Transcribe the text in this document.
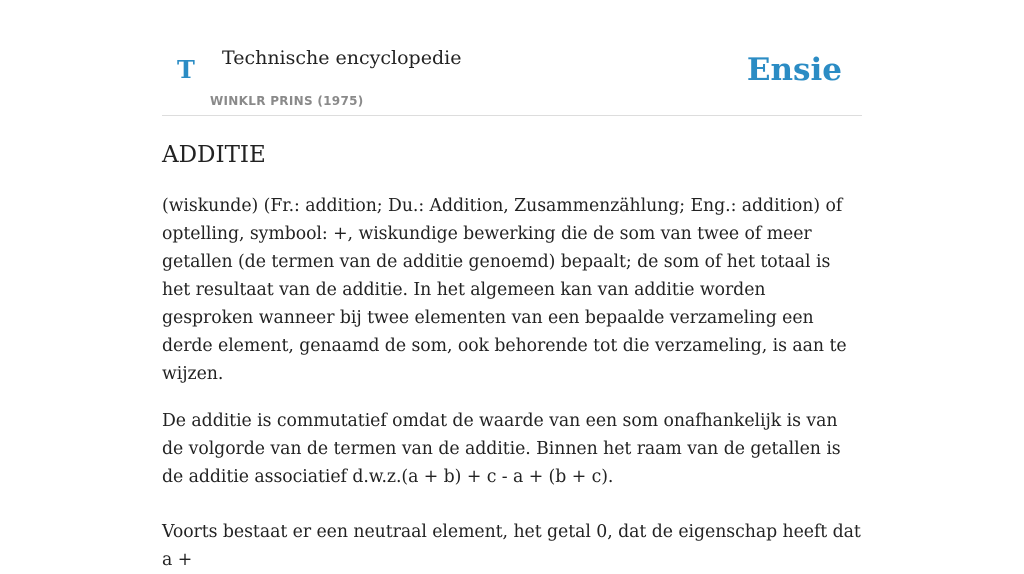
T Technische encyclopedie
WINKLR PRINS (1975)
Ensie
ADDITIE

(wiskunde) (Fr.: addition; Du.: Addition, Zusammenzählung; Eng.: addition) of optelling, symbool: +, wiskundige bewerking die de som van twee of meer getallen (de termen van de additie genoemd) bepaalt; de som of het totaal is het resultaat van de additie. In het algemeen kan van additie worden gesproken wanneer bij twee elementen van een bepaalde verzameling een derde element, genaamd de som, ook behorende tot die verzameling, is aan te wijzen.

De additie is commutatief omdat de waarde van een som onafhankelijk is van de volgorde van de termen van de additie. Binnen het raam van de getallen is de additie associatief d.w.z.(a + b) + c - a + (b + c).

Voorts bestaat er een neutraal element, het getal 0, dat de eigenschap heeft dat a +
